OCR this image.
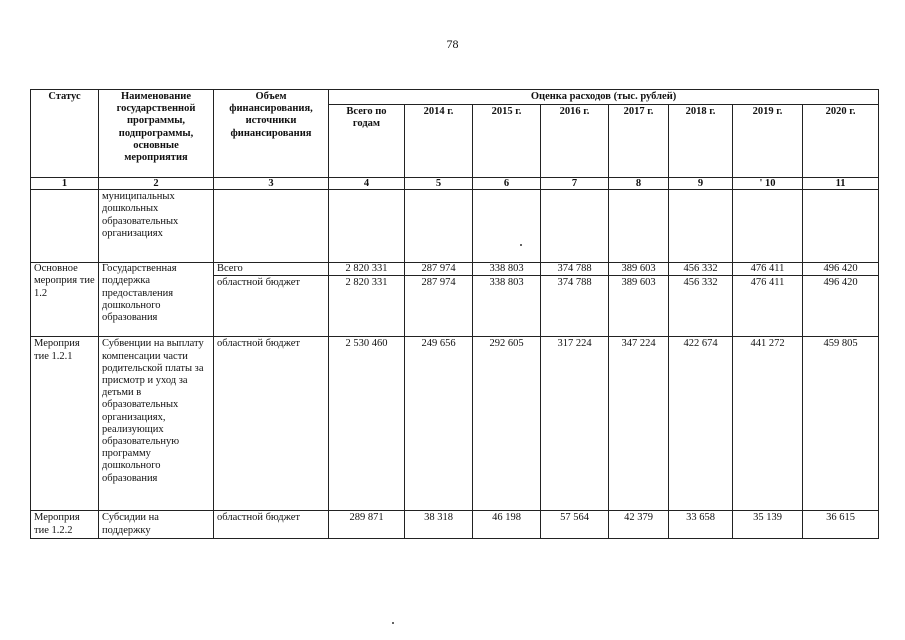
78
Статус	Наименование государственной программы, подпрограммы, основные мероприятия	Объем финансирования, источники финансирования	Оценка расходов (тыс. рублей)							
			Всего по годам	2014 г.	2015 г.	2016 г.	2017 г.	2018 г.	2019 г.	2020 г.
1	2	3	4	5	6	7	8	9	' 10	11
	муниципальных дошкольных образовательных организациях									
Основное мероприя тие 1.2	Государственная поддержка предоставления дошкольного образования	Всего	2 820 331	287 974	338 803	374 788	389 603	456 332	476 411	496 420
		областной бюджет	2 820 331	287 974	338 803	374 788	389 603	456 332	476 411	496 420
Мероприя тие 1.2.1	Субвенции на выплату компенсации части родительской платы за присмотр и уход за детьми в образовательных организациях, реализующих образовательную программу дошкольного образования	областной бюджет	2 530 460	249 656	292 605	317 224	347 224	422 674	441 272	459 805
Мероприя тие 1.2.2	Субсидии на поддержку	областной бюджет	289 871	38 318	46 198	57 564	42 379	33 658	35 139	36 615
